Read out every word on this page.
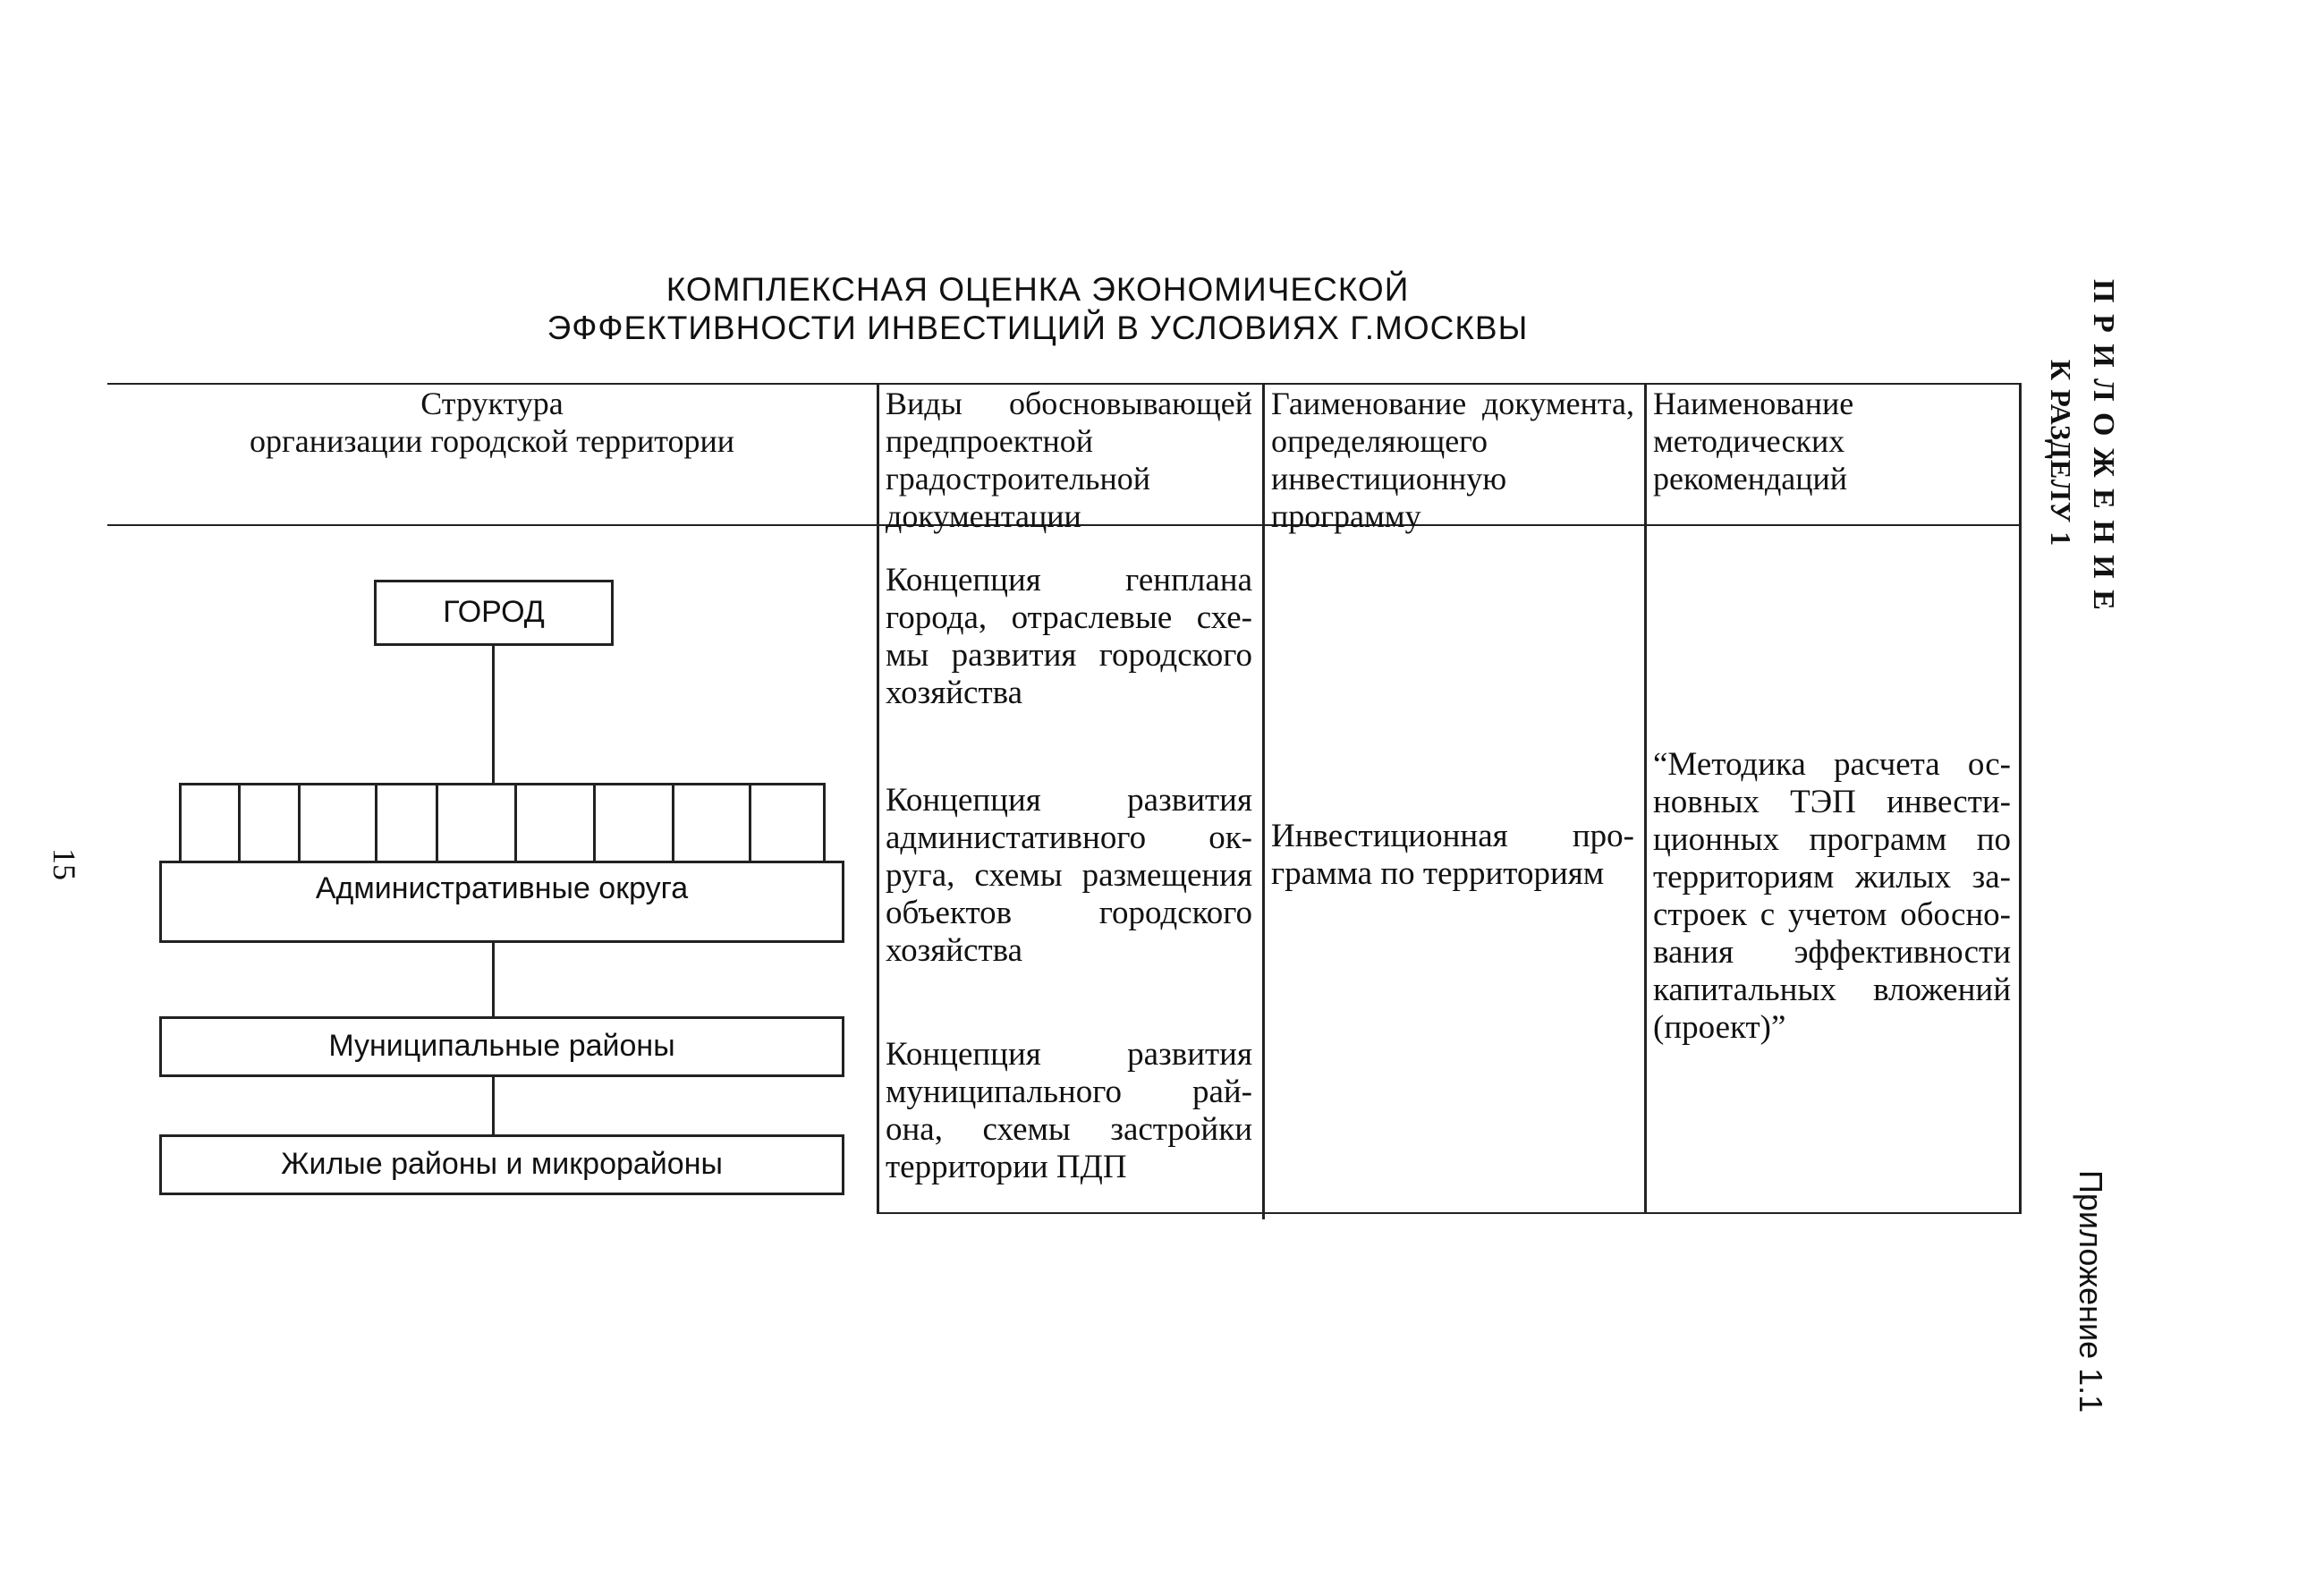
КОМПЛЕКСНАЯ ОЦЕНКА ЭКОНОМИЧЕСКОЙ
ЭФФЕКТИВНОСТИ ИНВЕСТИЦИЙ В УСЛОВИЯХ Г.МОСКВЫ
Структура
организации городской территории
Виды обосновывающей предпроектной градостроительной документации
Гаименование документа, определяющего инвестиционную программу
Наименование методических рекомендаций
ГОРОД
Административные округа
Муниципальные районы
Жилые районы и микрорайоны
Концепция генплана
города, отраслевые схе-
мы развития городского
хозяйства
Концепция развития
админиcтативного ок-
руга, схемы размещения
объектов городского
хозяйства
Концепция развития
муниципального рай-
она, схемы застройки
территории ПДП
Инвестиционная про-
грамма по территориям
“Методика расчета ос-
новных ТЭП инвести-
ционных программ по
территориям жилых за-
строек с учетом обосно-
вания эффективности
капитальных вложений
(проект)”
П Р И Л О Ж Е Н И Е
К РАЗДЕЛУ 1
15
Приложение 1.1
